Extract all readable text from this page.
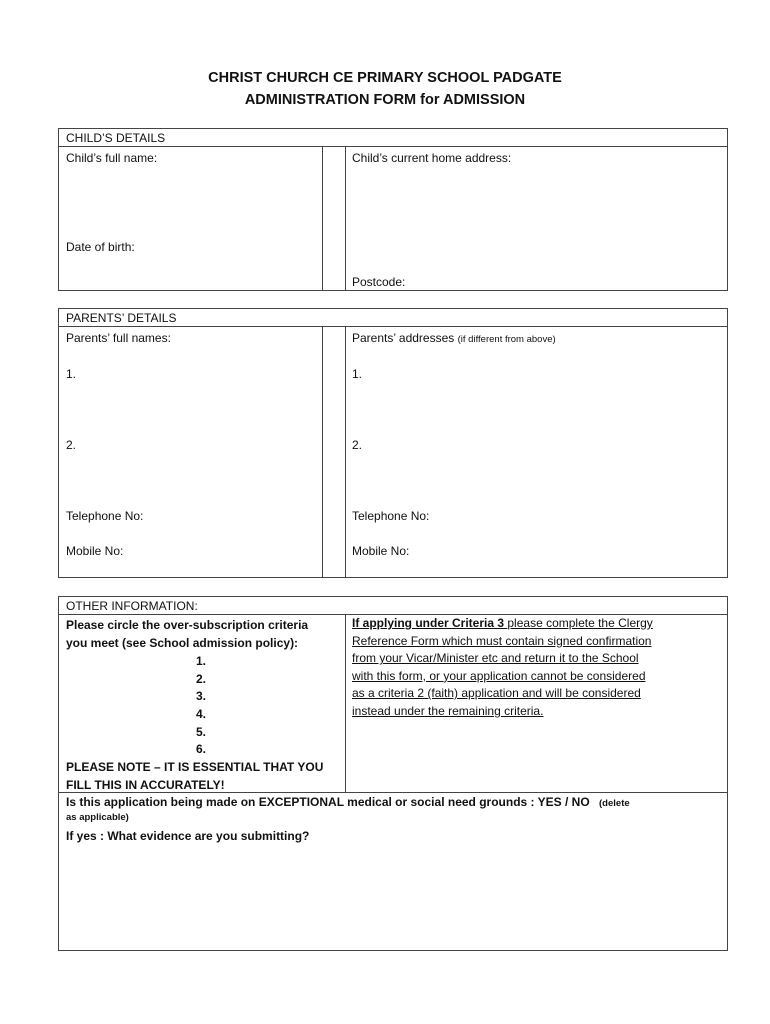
CHRIST CHURCH CE PRIMARY SCHOOL PADGATE
ADMINISTRATION FORM for ADMISSION
CHILD’S DETAILS
Child’s full name:
Date of birth:
Child’s current home address:
Postcode:
PARENTS’ DETAILS
Parents’ full names:
1.
2.
Telephone No:
Mobile No:
Parents’ addresses (if different from above)
1.
2.
Telephone No:
Mobile No:
OTHER INFORMATION:
Please circle the over-subscription criteria
you meet (see School admission policy):
1.
2.
3.
4.
5.
6.
PLEASE NOTE – IT IS ESSENTIAL THAT YOU
FILL THIS IN ACCURATELY!
If applying under Criteria 3 please complete the Clergy
Reference Form which must contain signed confirmation
from your Vicar/Minister etc and return it to the School
with this form, or your application cannot be considered
as a criteria 2 (faith) application and will be considered
instead under the remaining criteria.
Is this application being made on EXCEPTIONAL medical or social need grounds : YES / NO (delete
as applicable)
If yes : What evidence are you submitting?
